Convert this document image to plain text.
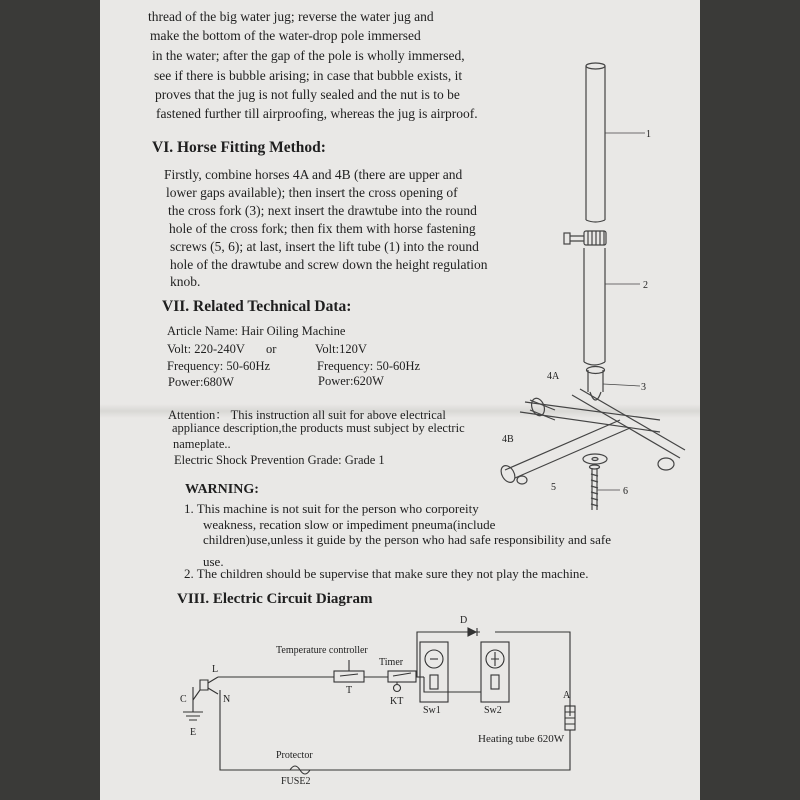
thread of the big water jug; reverse the water jug and
make the bottom of the water-drop pole immersed
in the water; after the gap of the pole is wholly immersed,
see if there is bubble arising; in case that bubble exists, it
proves that the jug is not fully sealed and the nut is to be
fastened further till airproofing, whereas the jug is airproof.
VI. Horse Fitting Method:
Firstly, combine horses 4A and 4B (there are upper and
lower gaps available); then insert the cross opening of
the cross fork (3); next insert the drawtube into the round
hole of the cross fork; then fix them with horse fastening
screws (5, 6); at last, insert the lift tube (1) into the round
hole of the drawtube and screw down the height regulation
knob.
VII. Related Technical Data:
Article Name: Hair Oiling Machine
Volt: 220-240V or	Volt:120V
Frequency: 50-60Hz	Frequency: 50-60Hz
Power:680W	Power:620W
Attention： This instruction all suit for above electrical
appliance description,the products must subject by electric
nameplate..
Electric Shock Prevention Grade: Grade 1
WARNING:
1. This machine is not suit for the person who corporeity
weakness, recation slow or impediment pneuma(include
children)use,unless it guide by the person who had safe responsibility and safe
use.
2. The children should be supervise that make sure they not play the machine.
VIII. Electric Circuit Diagram
1
2
3
4A
4B
5	6
Temperature controller
Timer
T
KT
L
N
C
E
D
A
Sw1	Sw2
Heating tube 620W
Protector
FUSE2
